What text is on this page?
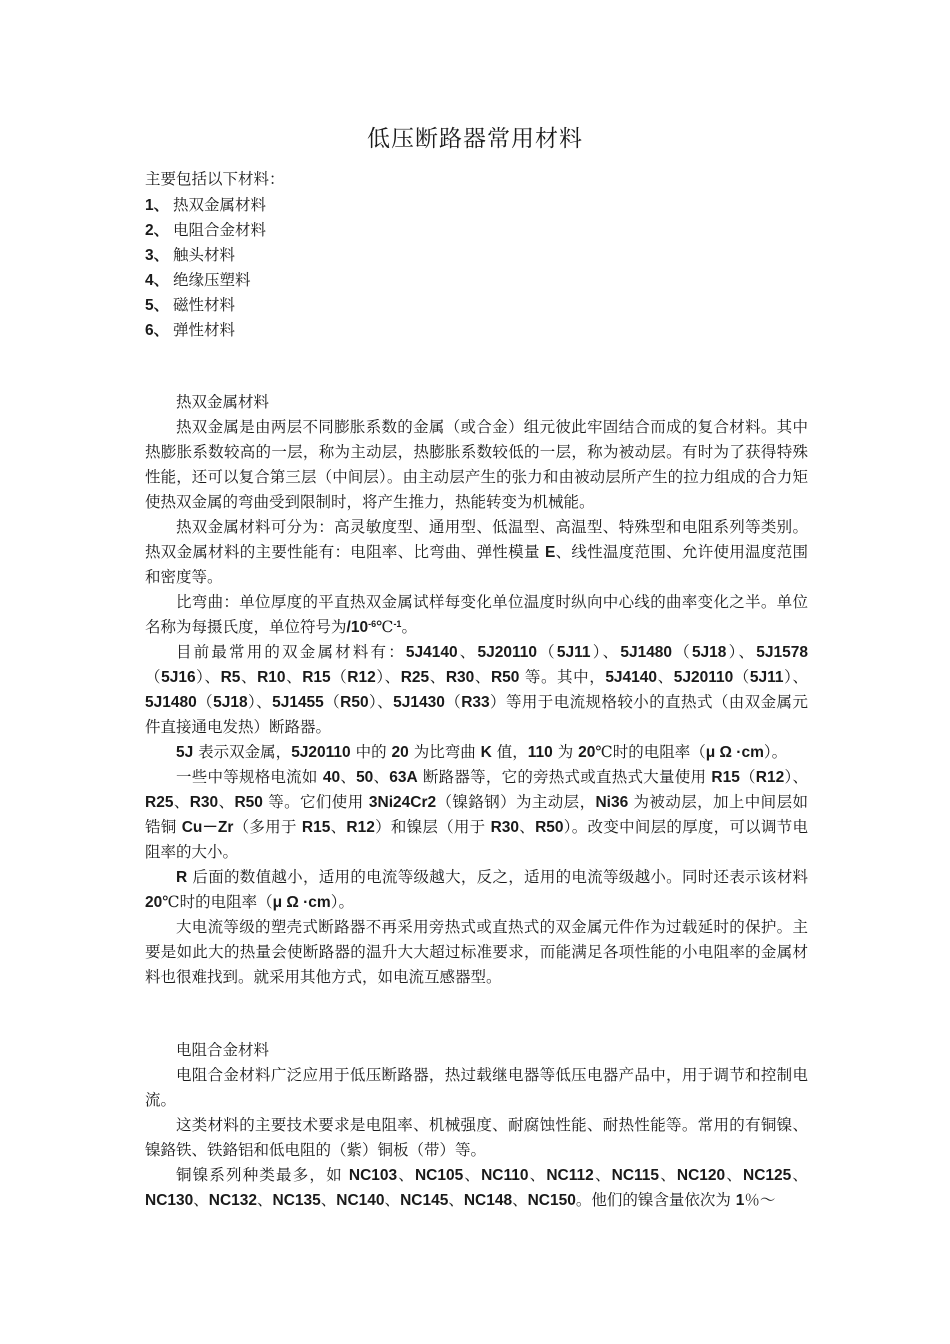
低压断路器常用材料
主要包括以下材料：
1、 热双金属材料
2、 电阻合金材料
3、 触头材料
4、 绝缘压塑料
5、 磁性材料
6、 弹性材料

热双金属材料

热双金属是由两层不同膨胀系数的金属（或合金）组元彼此牢固结合而成的复合材料。其中热膨胀系数较高的一层，称为主动层，热膨胀系数较低的一层，称为被动层。有时为了获得特殊性能，还可以复合第三层（中间层）。由主动层产生的张力和由被动层所产生的拉力组成的合力矩使热双金属的弯曲受到限制时，将产生推力，热能转变为机械能。

热双金属材料可分为：高灵敏度型、通用型、低温型、高温型、特殊型和电阻系列等类别。热双金属材料的主要性能有：电阻率、比弯曲、弹性模量 E、线性温度范围、允许使用温度范围和密度等。

比弯曲：单位厚度的平直热双金属试样每变化单位温度时纵向中心线的曲率变化之半。单位名称为每摄氏度，单位符号为$/10^{-6}℃^{-1}$。

目前最常用的双金属材料有：5J4140、5J20110（5J11）、5J1480（5J18）、5J1578（5J16）、R5、R10、R15（R12）、R25、R30、R50 等。其中，5J4140、5J20110（5J11）、5J1480（5J18）、5J1455（R50）、5J1430（R33）等用于电流规格较小的直热式（由双金属元件直接通电发热）断路器。

5J 表示双金属，5J20110 中的 20 为比弯曲 K 值，110 为 20℃时的电阻率（μ Ω ·cm）。

一些中等规格电流如 40、50、63A 断路器等，它的旁热式或直热式大量使用 R15（R12）、R25、R30、R50 等。它们使用 3Ni24Cr2（镍鉻钢）为主动层，Ni36 为被动层，加上中间层如锆铜 Cu－Zr（多用于 R15、R12）和镍层（用于 R30、R50）。改变中间层的厚度，可以调节电阻率的大小。

R 后面的数值越小，适用的电流等级越大，反之，适用的电流等级越小。同时还表示该材料 20℃时的电阻率（μ Ω ·cm）。

大电流等级的塑壳式断路器不再采用旁热式或直热式的双金属元件作为过载延时的保护。主要是如此大的热量会使断路器的温升大大超过标准要求，而能满足各项性能的小电阻率的金属材料也很难找到。就采用其他方式，如电流互感器型。

电阻合金材料

电阻合金材料广泛应用于低压断路器，热过载继电器等低压电器产品中，用于调节和控制电流。

这类材料的主要技术要求是电阻率、机械强度、耐腐蚀性能、耐热性能等。常用的有铜镍、镍鉻铁、铁鉻铝和低电阻的（紫）铜板（带）等。

铜镍系列种类最多，如 NC103、NC105、NC110、NC112、NC115、NC120、NC125、NC130、NC132、NC135、NC140、NC145、NC148、NC150。他们的镍含量依次为 1％～
